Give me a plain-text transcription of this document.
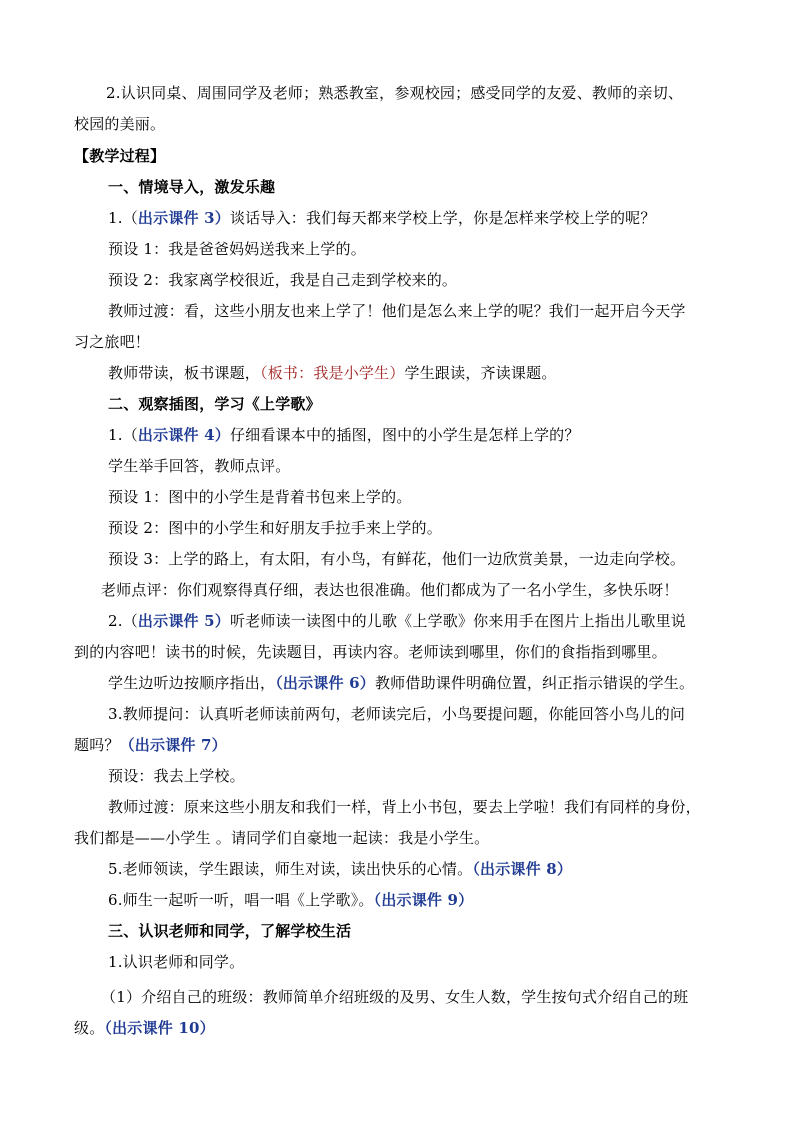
2.认识同桌、周围同学及老师；熟悉教室，参观校园；感受同学的友爱、教师的亲切、
校园的美丽。
【教学过程】
一、情境导入，激发乐趣
1.（出示课件 3）谈话导入：我们每天都来学校上学，你是怎样来学校上学的呢？
预设 1：我是爸爸妈妈送我来上学的。
预设 2：我家离学校很近，我是自己走到学校来的。
教师过渡：看，这些小朋友也来上学了！他们是怎么来上学的呢？我们一起开启今天学
习之旅吧！
教师带读，板书课题，（板书：我是小学生）学生跟读，齐读课题。
二、观察插图，学习《上学歌》
1.（出示课件 4）仔细看课本中的插图，图中的小学生是怎样上学的？
学生举手回答，教师点评。
预设 1：图中的小学生是背着书包来上学的。
预设 2：图中的小学生和好朋友手拉手来上学的。
预设 3：上学的路上，有太阳，有小鸟，有鲜花，他们一边欣赏美景，一边走向学校。
老师点评：你们观察得真仔细，表达也很准确。他们都成为了一名小学生，多快乐呀！
2.（出示课件 5）听老师读一读图中的儿歌《上学歌》你来用手在图片上指出儿歌里说
到的内容吧！读书的时候，先读题目，再读内容。老师读到哪里，你们的食指指到哪里。
学生边听边按顺序指出，（出示课件 6）教师借助课件明确位置，纠正指示错误的学生。
3.教师提问：认真听老师读前两句，老师读完后，小鸟要提问题，你能回答小鸟儿的问
题吗？（出示课件 7）
预设：我去上学校。
教师过渡：原来这些小朋友和我们一样，背上小书包，要去上学啦！我们有同样的身份，
我们都是——小学生 。请同学们自豪地一起读：我是小学生。
5.老师领读，学生跟读，师生对读，读出快乐的心情。（出示课件 8）
6.师生一起听一听，唱一唱《上学歌》。（出示课件 9）
三、认识老师和同学，了解学校生活
1.认识老师和同学。
（1）介绍自己的班级：教师简单介绍班级的及男、女生人数，学生按句式介绍自己的班
级。（出示课件 10）
